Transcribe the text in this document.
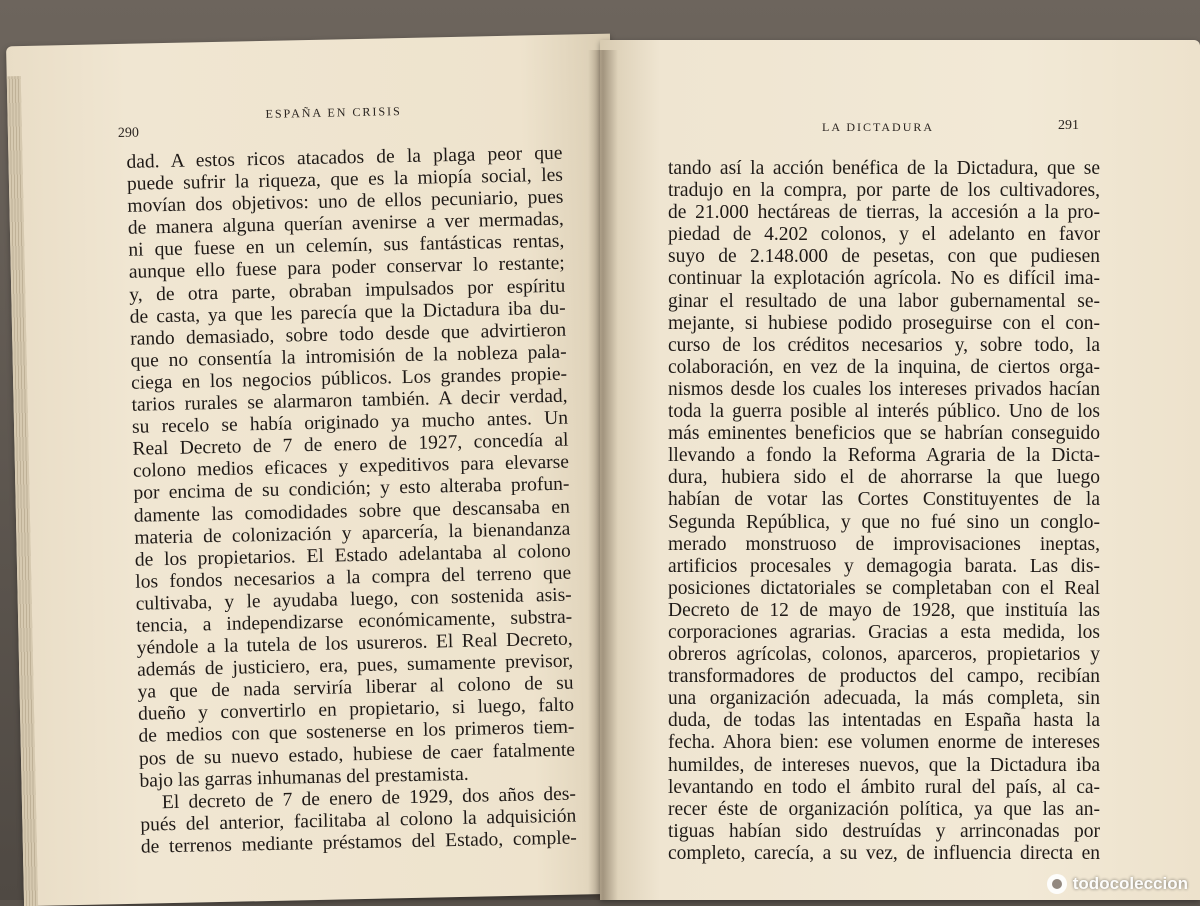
290
ESPAÑA EN CRISIS
dad. A estos ricos atacados de la plaga peor que
puede sufrir la riqueza, que es la miopía social, les
movían dos objetivos: uno de ellos pecuniario, pues
de manera alguna querían avenirse a ver mermadas,
ni que fuese en un celemín, sus fantásticas rentas,
aunque ello fuese para poder conservar lo restante;
y, de otra parte, obraban impulsados por espíritu
de casta, ya que les parecía que la Dictadura iba du-
rando demasiado, sobre todo desde que advirtieron
que no consentía la intromisión de la nobleza pala-
ciega en los negocios públicos. Los grandes propie-
tarios rurales se alarmaron también. A decir verdad,
su recelo se había originado ya mucho antes. Un
Real Decreto de 7 de enero de 1927, concedía al
colono medios eficaces y expeditivos para elevarse
por encima de su condición; y esto alteraba profun-
damente las comodidades sobre que descansaba en
materia de colonización y aparcería, la bienandanza
de los propietarios. El Estado adelantaba al colono
los fondos necesarios a la compra del terreno que
cultivaba, y le ayudaba luego, con sostenida asis-
tencia, a independizarse económicamente, substra-
yéndole a la tutela de los usureros. El Real Decreto,
además de justiciero, era, pues, sumamente previsor,
ya que de nada serviría liberar al colono de su
dueño y convertirlo en propietario, si luego, falto
de medios con que sostenerse en los primeros tiem-
pos de su nuevo estado, hubiese de caer fatalmente
bajo las garras inhumanas del prestamista.
El decreto de 7 de enero de 1929, dos años des-
pués del anterior, facilitaba al colono la adquisición
de terrenos mediante préstamos del Estado, comple-
LA DICTADURA	291
tando así la acción benéfica de la Dictadura, que se
tradujo en la compra, por parte de los cultivadores,
de 21.000 hectáreas de tierras, la accesión a la pro-
piedad de 4.202 colonos, y el adelanto en favor
suyo de 2.148.000 de pesetas, con que pudiesen
continuar la explotación agrícola. No es difícil ima-
ginar el resultado de una labor gubernamental se-
mejante, si hubiese podido proseguirse con el con-
curso de los créditos necesarios y, sobre todo, la
colaboración, en vez de la inquina, de ciertos orga-
nismos desde los cuales los intereses privados hacían
toda la guerra posible al interés público. Uno de los
más eminentes beneficios que se habrían conseguido
llevando a fondo la Reforma Agraria de la Dicta-
dura, hubiera sido el de ahorrarse la que luego
habían de votar las Cortes Constituyentes de la
Segunda República, y que no fué sino un conglo-
merado monstruoso de improvisaciones ineptas,
artificios procesales y demagogia barata. Las dis-
posiciones dictatoriales se completaban con el Real
Decreto de 12 de mayo de 1928, que instituía las
corporaciones agrarias. Gracias a esta medida, los
obreros agrícolas, colonos, aparceros, propietarios y
transformadores de productos del campo, recibían
una organización adecuada, la más completa, sin
duda, de todas las intentadas en España hasta la
fecha. Ahora bien: ese volumen enorme de intereses
humildes, de intereses nuevos, que la Dictadura iba
levantando en todo el ámbito rural del país, al ca-
recer éste de organización política, ya que las an-
tiguas habían sido destruídas y arrinconadas por
completo, carecía, a su vez, de influencia directa en
todocoleccion
